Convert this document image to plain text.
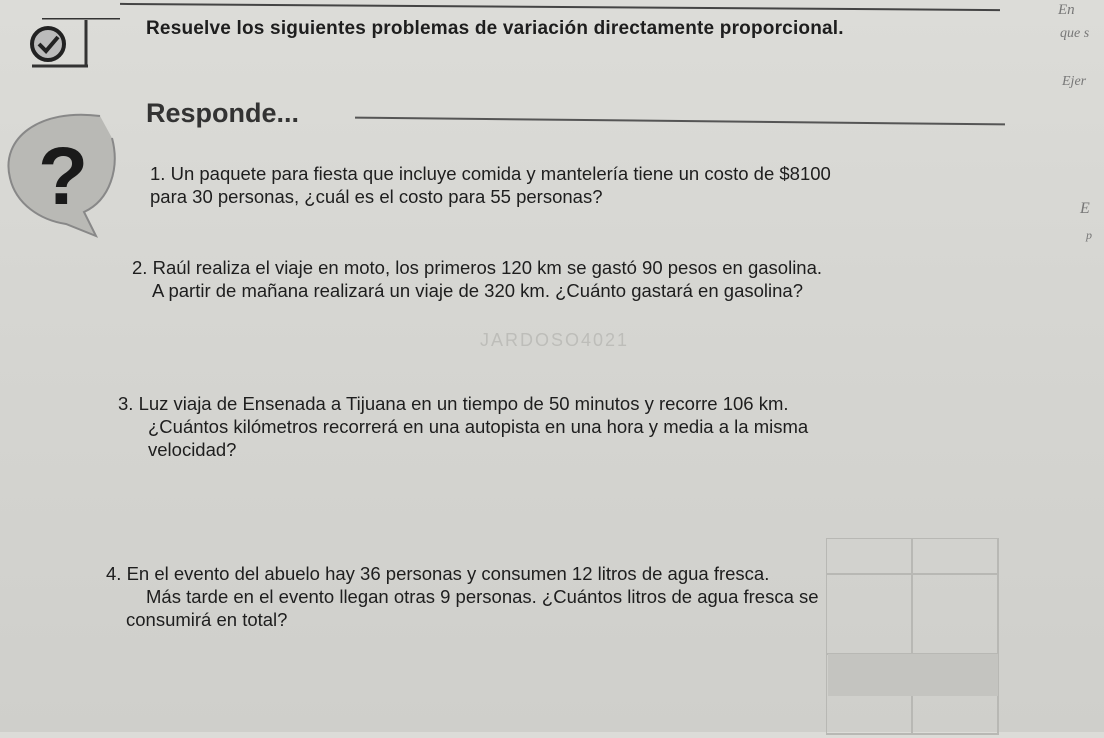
Resuelve los siguientes problemas de variación directamente proporcional.
?
Responde...
1. Un paquete para fiesta que incluye comida y mantelería tiene un costo de $8100
para 30 personas, ¿cuál es el costo para 55 personas?
2. Raúl realiza el viaje en moto, los primeros 120 km se gastó 90 pesos en gasolina.
A partir de mañana realizará un viaje de 320 km. ¿Cuánto gastará en gasolina?
JARDOSO4021
3. Luz viaja de Ensenada a Tijuana en un tiempo de 50 minutos y recorre 106 km.
¿Cuántos kilómetros recorrerá en una autopista en una hora y media a la misma
velocidad?
4. En el evento del abuelo hay 36 personas y consumen 12 litros de agua fresca.
Más tarde en el evento llegan otras 9 personas. ¿Cuántos litros de agua fresca se
consumirá en total?
En
que s
Ejer
E
p
